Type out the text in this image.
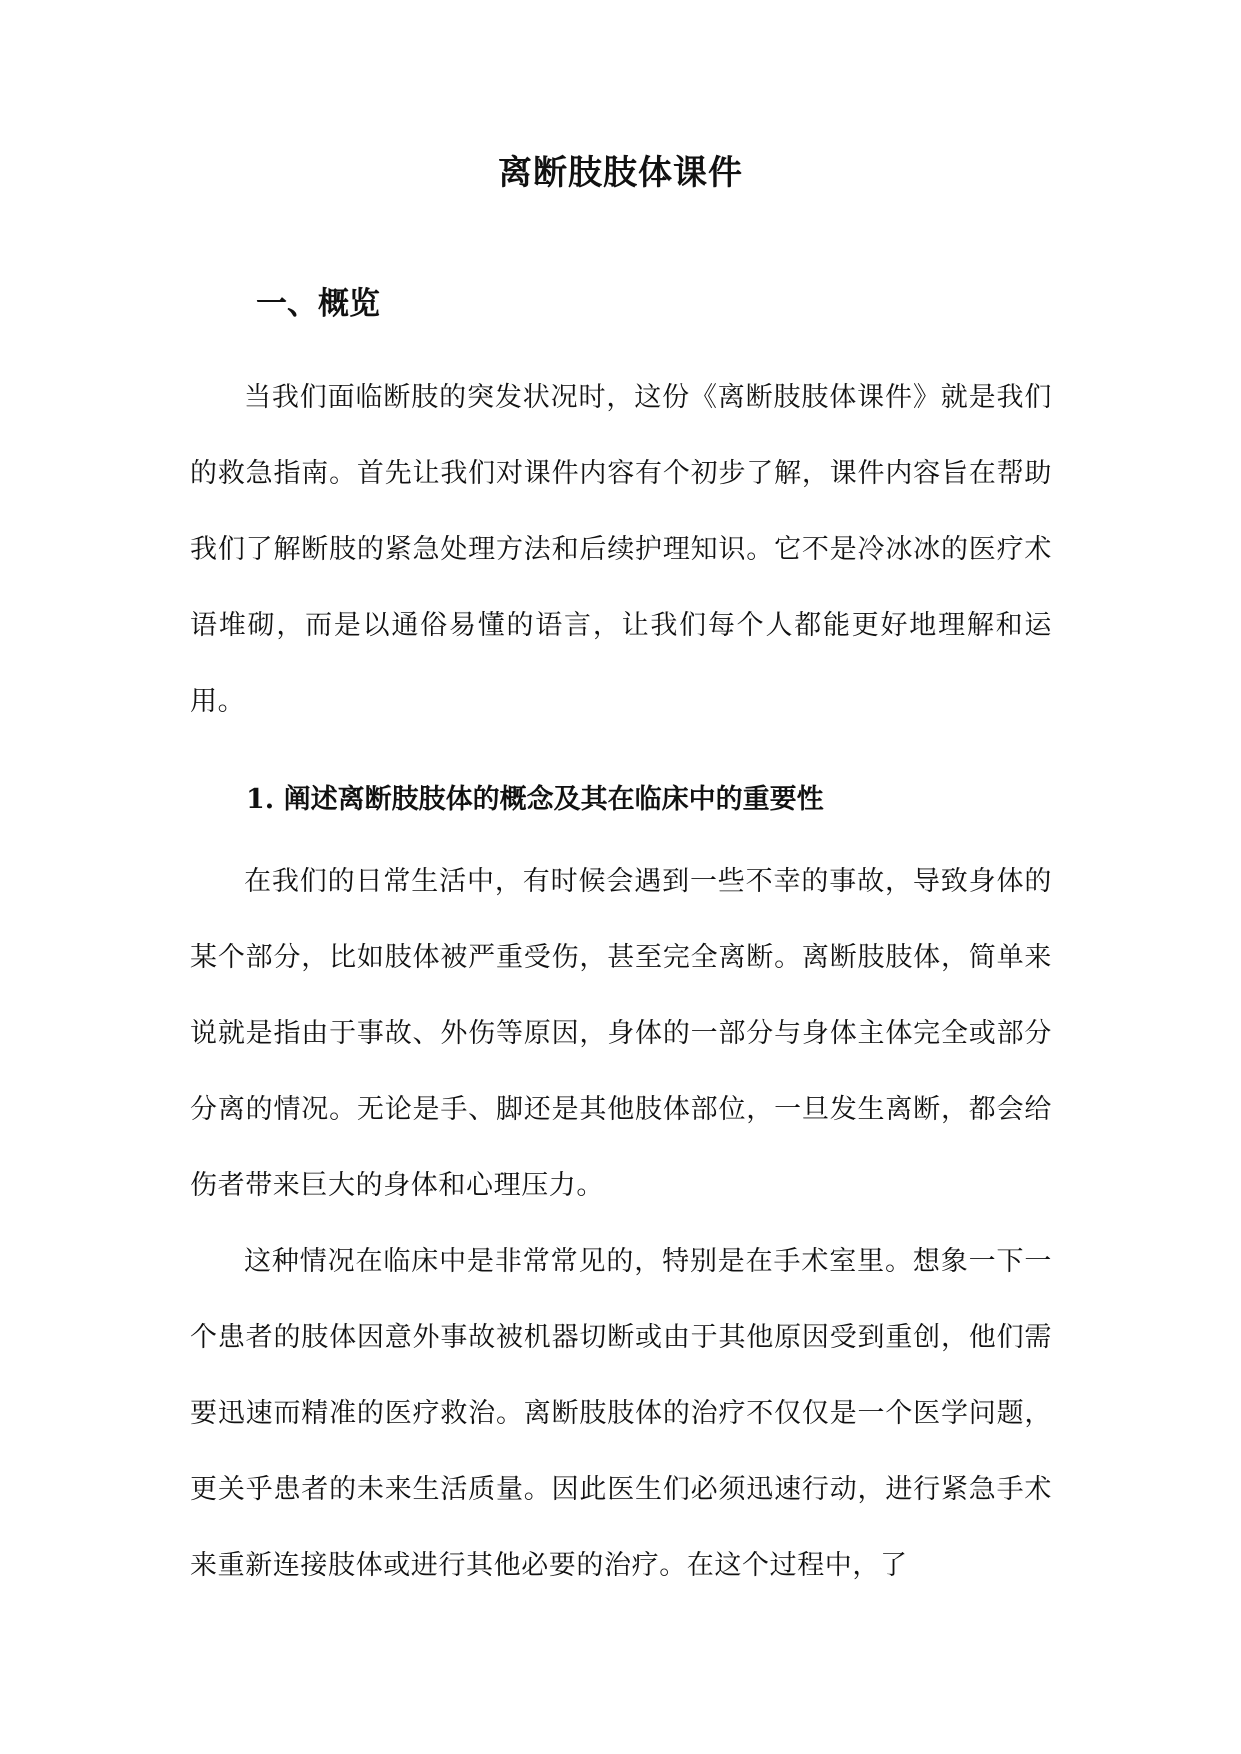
离断肢肢体课件
一、概览

当我们面临断肢的突发状况时，这份《离断肢肢体课件》就是我们的救急指南。首先让我们对课件内容有个初步了解，课件内容旨在帮助我们了解断肢的紧急处理方法和后续护理知识。它不是冷冰冰的医疗术语堆砌，而是以通俗易懂的语言，让我们每个人都能更好地理解和运用。

1. 阐述离断肢肢体的概念及其在临床中的重要性

在我们的日常生活中，有时候会遇到一些不幸的事故，导致身体的某个部分，比如肢体被严重受伤，甚至完全离断。离断肢肢体，简单来说就是指由于事故、外伤等原因，身体的一部分与身体主体完全或部分分离的情况。无论是手、脚还是其他肢体部位，一旦发生离断，都会给伤者带来巨大的身体和心理压力。

这种情况在临床中是非常常见的，特别是在手术室里。想象一下一个患者的肢体因意外事故被机器切断或由于其他原因受到重创，他们需要迅速而精准的医疗救治。离断肢肢体的治疗不仅仅是一个医学问题，更关乎患者的未来生活质量。因此医生们必须迅速行动，进行紧急手术来重新连接肢体或进行其他必要的治疗。在这个过程中，了
